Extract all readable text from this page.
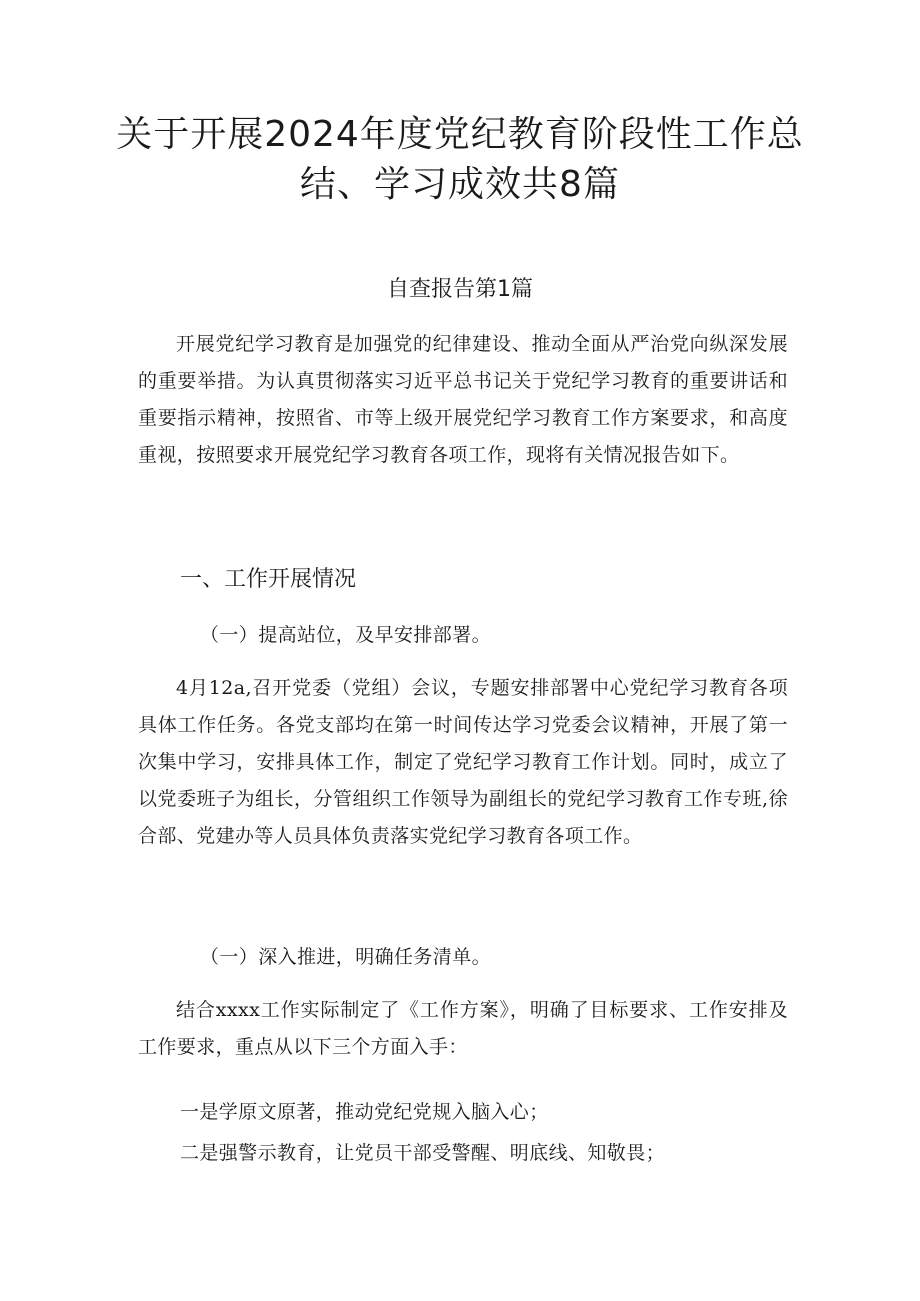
关于开展2024年度党纪教育阶段性工作总
结、学习成效共8篇
自查报告第1篇
开展党纪学习教育是加强党的纪律建设、推动全面从严治党向纵深发展的重要举措。为认真贯彻落实习近平总书记关于党纪学习教育的重要讲话和重要指示精神，按照省、市等上级开展党纪学习教育工作方案要求，和高度重视，按照要求开展党纪学习教育各项工作，现将有关情况报告如下。
一、工作开展情况
（一）提高站位，及早安排部署。
4月12a,召开党委（党组）会议，专题安排部署中心党纪学习教育各项具体工作任务。各党支部均在第一时间传达学习党委会议精神，开展了第一次集中学习，安排具体工作，制定了党纪学习教育工作计划。同时，成立了以党委班子为组长，分管组织工作领导为副组长的党纪学习教育工作专班,徐合部、党建办等人员具体负责落实党纪学习教育各项工作。
（一）深入推进，明确任务清单。
结合xxxx工作实际制定了《工作方案》，明确了目标要求、工作安排及工作要求，重点从以下三个方面入手：
一是学原文原著，推动党纪党规入脑入心；
二是强警示教育，让党员干部受警醒、明底线、知敬畏；
